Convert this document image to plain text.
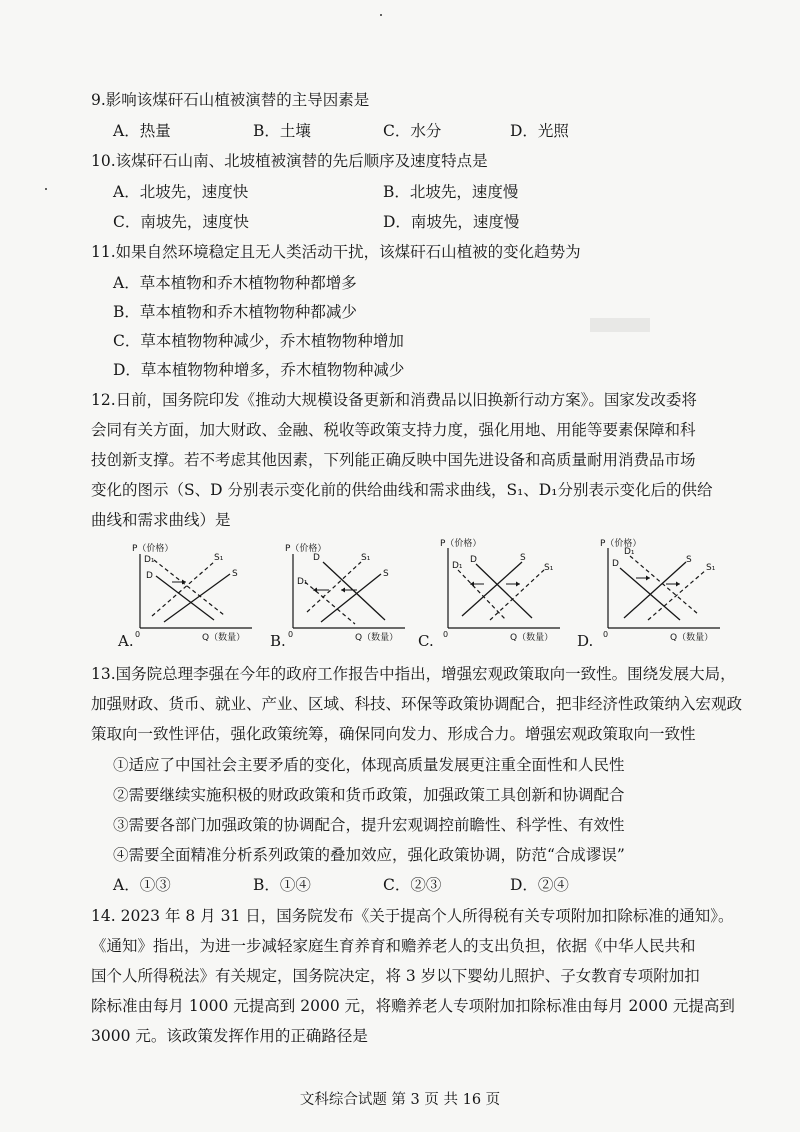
9.影响该煤矸石山植被演替的主导因素是
A．热量	B．土壤	C．水分	D．光照
10.该煤矸石山南、北坡植被演替的先后顺序及速度特点是
A．北坡先，速度快	B．北坡先，速度慢
C．南坡先，速度快	D．南坡先，速度慢
11.如果自然环境稳定且无人类活动干扰，该煤矸石山植被的变化趋势为
A．草本植物和乔木植物物种都增多
B．草本植物和乔木植物物种都减少
C．草本植物物种减少，乔木植物物种增加
D．草本植物物种增多，乔木植物物种减少
12.日前，国务院印发《推动大规模设备更新和消费品以旧换新行动方案》。国家发改委将
会同有关方面，加大财政、金融、税收等政策支持力度，强化用地、用能等要素保障和科
技创新支撑。若不考虑其他因素，下列能正确反映中国先进设备和高质量耐用消费品市场
变化的图示（S、D 分别表示变化前的供给曲线和需求曲线，S₁、D₁分别表示变化后的供给
曲线和需求曲线）是
P（价格）
Q（数量）
0
D₁
D
S₁
S
A.
P（价格）
Q（数量）
0
D
D₁
S₁
S
B.
P（价格）
Q（数量）
0
D₁
D	S
S₁
C.
P（价格）
Q（数量）
0
D
D₁
S
S₁
D.
13.国务院总理李强在今年的政府工作报告中指出，增强宏观政策取向一致性。围绕发展大局，
加强财政、货币、就业、产业、区域、科技、环保等政策协调配合，把非经济性政策纳入宏观政
策取向一致性评估，强化政策统筹，确保同向发力、形成合力。增强宏观政策取向一致性
①适应了中国社会主要矛盾的变化，体现高质量发展更注重全面性和人民性
②需要继续实施积极的财政政策和货币政策，加强政策工具创新和协调配合
③需要各部门加强政策的协调配合，提升宏观调控前瞻性、科学性、有效性
④需要全面精准分析系列政策的叠加效应，强化政策协调，防范“合成谬误”
A．①③	B．①④	C．②③	D．②④
14. 2023 年 8 月 31 日，国务院发布《关于提高个人所得税有关专项附加扣除标准的通知》。
《通知》指出，为进一步减轻家庭生育养育和赡养老人的支出负担，依据《中华人民共和
国个人所得税法》有关规定，国务院决定，将 3 岁以下婴幼儿照护、子女教育专项附加扣
除标准由每月 1000 元提高到 2000 元，将赡养老人专项附加扣除标准由每月 2000 元提高到
3000 元。该政策发挥作用的正确路径是
文科综合试题 第 3 页 共 16 页
